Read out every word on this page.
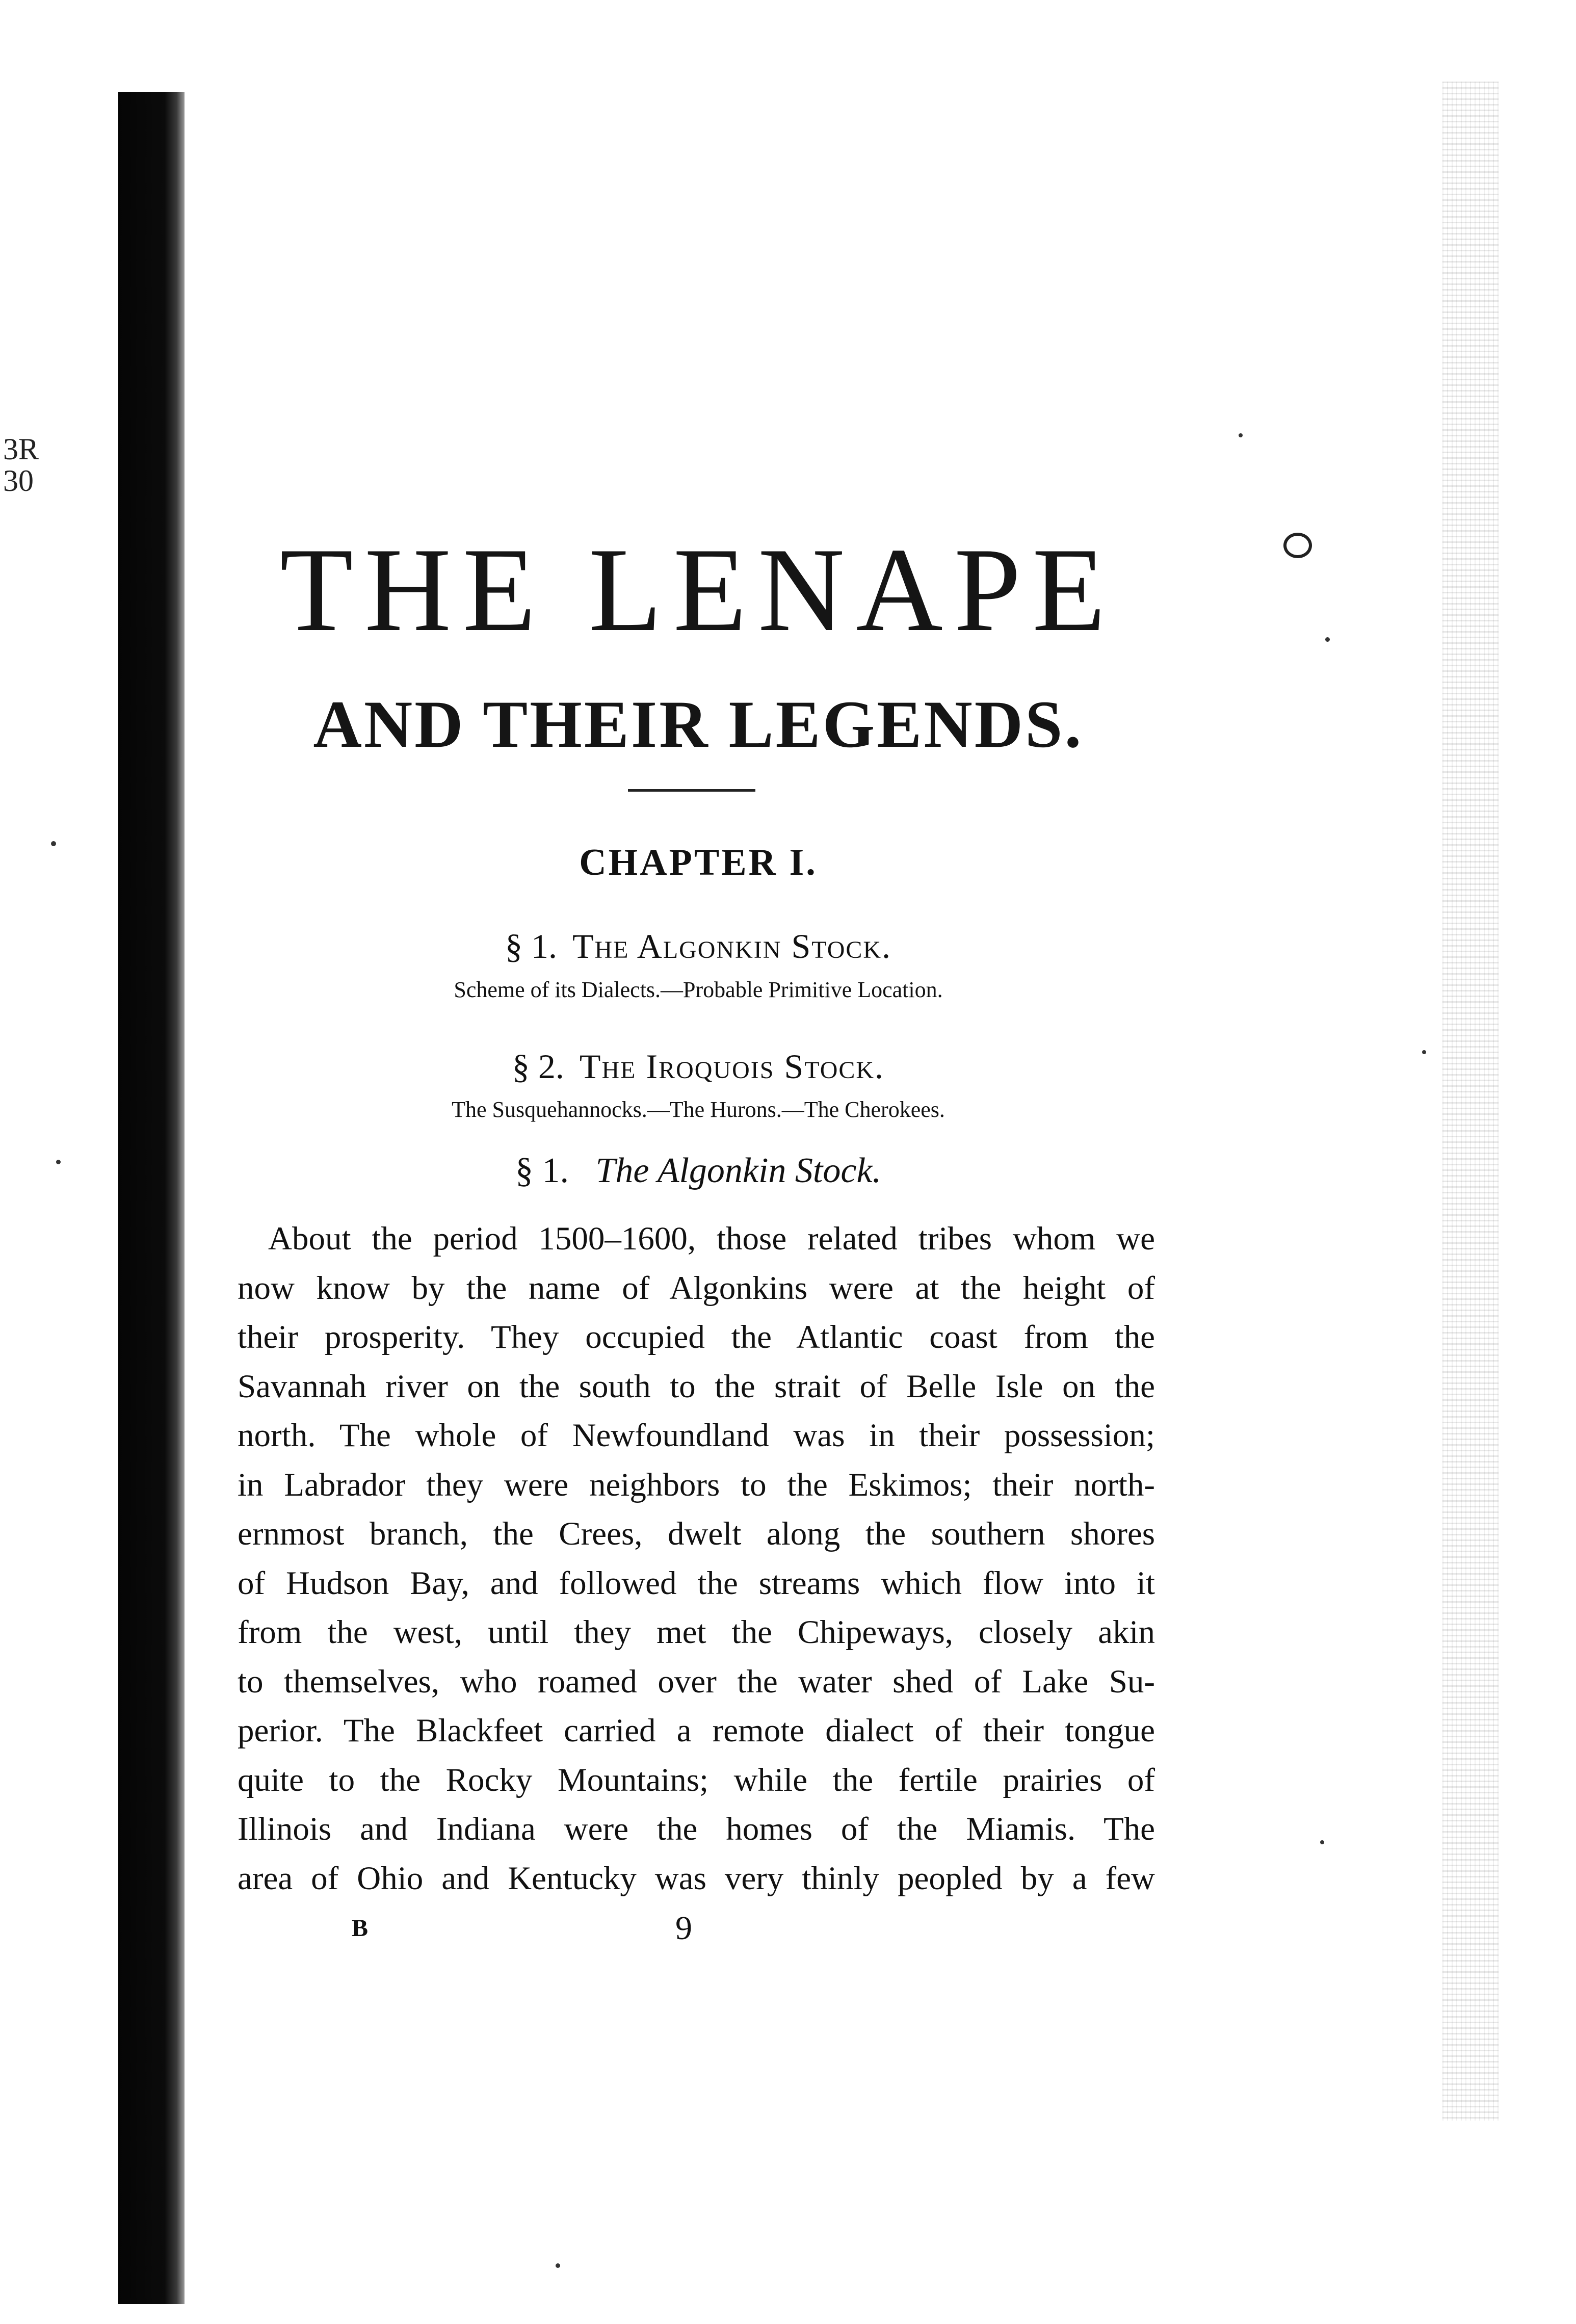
3R
30
THE LENAPE
AND THEIR LEGENDS.
CHAPTER I.

§ 1. The Algonkin Stock.

Scheme of its Dialects.—Probable Primitive Location.

§ 2. The Iroquois Stock.

The Susquehannocks.—The Hurons.—The Cherokees.

§ 1. The Algonkin Stock.

About the period 1500–1600, those related tribes whom we
now know by the name of Algonkins were at the height of
their prosperity. They occupied the Atlantic coast from the
Savannah river on the south to the strait of Belle Isle on the
north. The whole of Newfoundland was in their possession;
in Labrador they were neighbors to the Eskimos; their north-
ernmost branch, the Crees, dwelt along the southern shores
of Hudson Bay, and followed the streams which flow into it
from the west, until they met the Chipeways, closely akin
to themselves, who roamed over the water shed of Lake Su-
perior. The Blackfeet carried a remote dialect of their tongue
quite to the Rocky Mountains; while the fertile prairies of
Illinois and Indiana were the homes of the Miamis. The
area of Ohio and Kentucky was very thinly peopled by a few

B	9
